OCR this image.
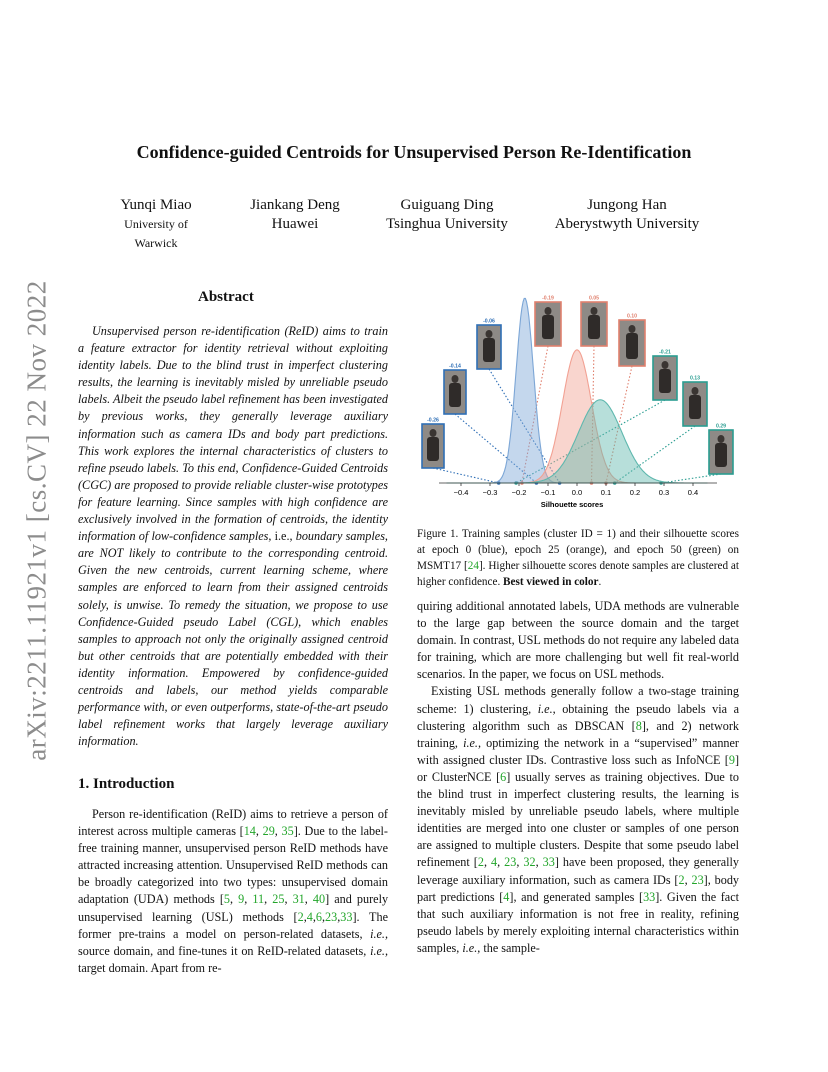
arXiv:2211.11921v1 [cs.CV] 22 Nov 2022
Confidence-guided Centroids for Unsupervised Person Re-Identification
Yunqi Miao
University of Warwick
Jiankang Deng
Huawei
Guiguang Ding
Tsinghua University
Jungong Han
Aberystwyth University
Abstract

Unsupervised person re-identification (ReID) aims to train a feature extractor for identity retrieval without exploiting identity labels. Due to the blind trust in imperfect clustering results, the learning is inevitably misled by unreliable pseudo labels. Albeit the pseudo label refinement has been investigated by previous works, they generally leverage auxiliary information such as camera IDs and body part predictions. This work explores the internal characteristics of clusters to refine pseudo labels. To this end, Confidence-Guided Centroids (CGC) are proposed to provide reliable cluster-wise prototypes for feature learning. Since samples with high confidence are exclusively involved in the formation of centroids, the identity information of low-confidence samples, i.e., boundary samples, are NOT likely to contribute to the corresponding centroid. Given the new centroids, current learning scheme, where samples are enforced to learn from their assigned centroids solely, is unwise. To remedy the situation, we propose to use Confidence-Guided pseudo Label (CGL), which enables samples to approach not only the originally assigned centroid but other centroids that are potentially embedded with their identity information. Empowered by confidence-guided centroids and labels, our method yields comparable performance with, or even outperforms, state-of-the-art pseudo label refinement works that largely leverage auxiliary information.

1. Introduction

Person re-identification (ReID) aims to retrieve a person of interest across multiple cameras [14, 29, 35]. Due to the label-free training manner, unsupervised person ReID methods have attracted increasing attention. Unsupervised ReID methods can be broadly categorized into two types: unsupervised domain adaptation (UDA) methods [5, 9, 11, 25, 31, 40] and purely unsupervised learning (USL) methods [2,4,6,23,33]. The former pre-trains a model on person-related datasets, i.e., source domain, and fine-tunes it on ReID-related datasets, i.e., target domain. Apart from re-

-0.26
-0.14
-0.06
-0.19	0.05
0.10
-0.21
0.13
0.29
−0.4 −0.3 −0.2 −0.1 0.0 0.1 0.2 0.3 0.4
Silhouette scores
Figure 1. Training samples (cluster ID = 1) and their silhouette scores at epoch 0 (blue), epoch 25 (orange), and epoch 50 (green) on MSMT17 [24]. Higher silhouette scores denote samples are clustered at higher confidence. Best viewed in color.

quiring additional annotated labels, UDA methods are vulnerable to the large gap between the source domain and the target domain. In contrast, USL methods do not require any labeled data for training, which are more challenging but well fit real-world scenarios. In the paper, we focus on USL methods.

Existing USL methods generally follow a two-stage training scheme: 1) clustering, i.e., obtaining the pseudo labels via a clustering algorithm such as DBSCAN [8], and 2) network training, i.e., optimizing the network in a “supervised” manner with assigned cluster IDs. Contrastive loss such as InfoNCE [9] or ClusterNCE [6] usually serves as training objectives. Due to the blind trust in imperfect clustering results, the learning is inevitably misled by unreliable pseudo labels, where multiple identities are merged into one cluster or samples of one person are assigned to multiple clusters. Despite that some pseudo label refinement [2, 4, 23, 32, 33] have been proposed, they generally leverage auxiliary information, such as camera IDs [2, 23], body part predictions [4], and generated samples [33]. Given the fact that such auxiliary information is not free in reality, refining pseudo labels by merely exploiting internal characteristics within samples, i.e., the sample-
